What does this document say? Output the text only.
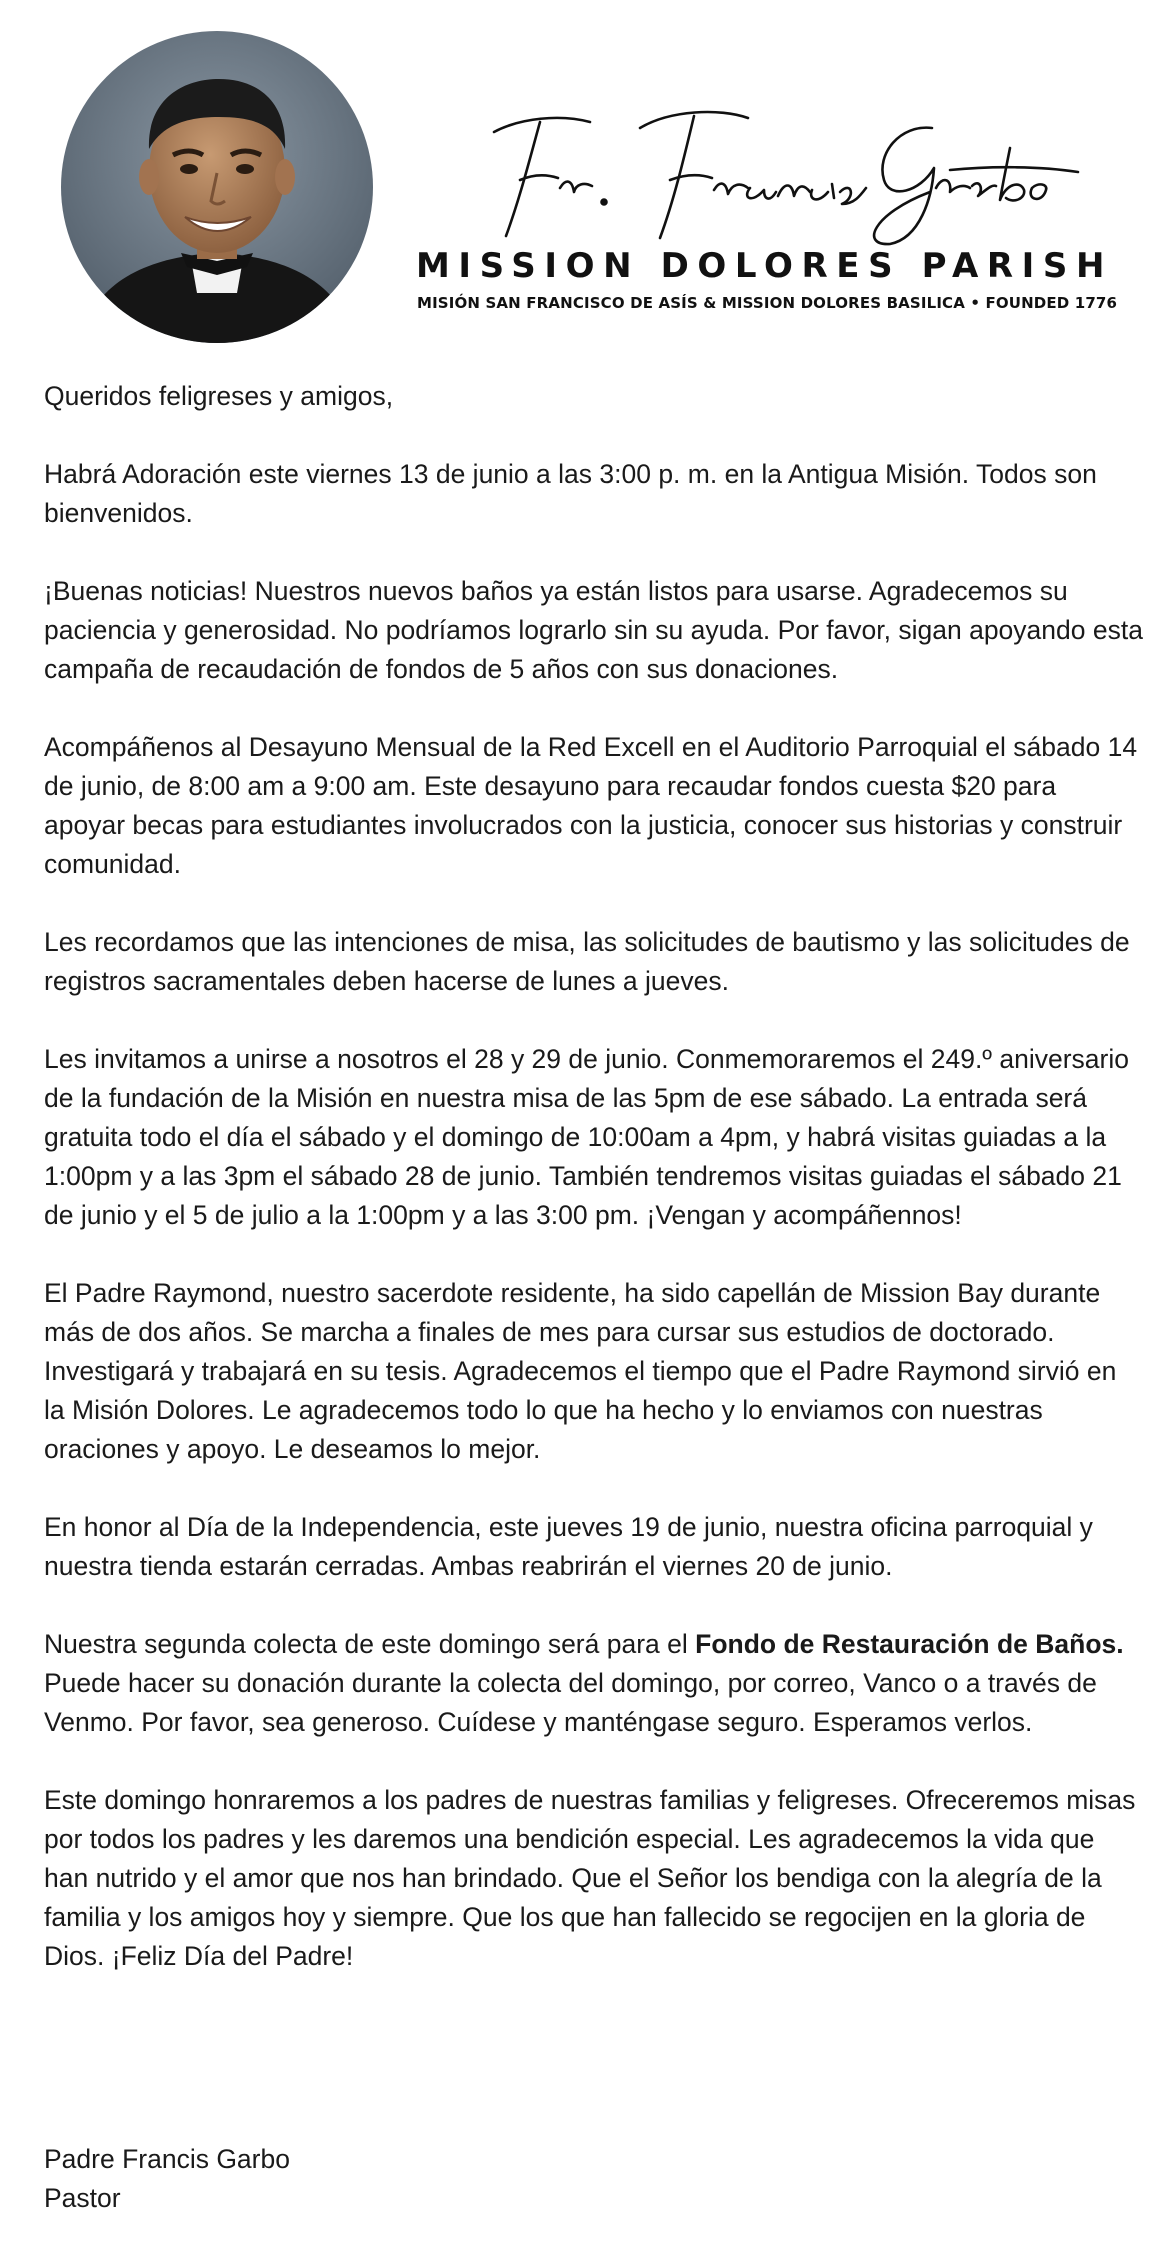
MISSION DOLORES PARISH
MISIÓN SAN FRANCISCO DE ASÍS & MISSION DOLORES BASILICA • FOUNDED 1776

Queridos feligreses y amigos,

Habrá Adoración este viernes 13 de junio a las 3:00 p. m. en la Antigua Misión. Todos son bienvenidos.

¡Buenas noticias! Nuestros nuevos baños ya están listos para usarse. Agradecemos su paciencia y generosidad. No podríamos lograrlo sin su ayuda. Por favor, sigan apoyando esta campaña de recaudación de fondos de 5 años con sus donaciones.

Acompáñenos al Desayuno Mensual de la Red Excell en el Auditorio Parroquial el sábado 14 de junio, de 8:00 am a 9:00 am. Este desayuno para recaudar fondos cuesta $20 para apoyar becas para estudiantes involucrados con la justicia, conocer sus historias y construir comunidad.

Les recordamos que las intenciones de misa, las solicitudes de bautismo y las solicitudes de registros sacramentales deben hacerse de lunes a jueves.

Les invitamos a unirse a nosotros el 28 y 29 de junio. Conmemoraremos el 249.º aniversario de la fundación de la Misión en nuestra misa de las 5pm de ese sábado. La entrada será gratuita todo el día el sábado y el domingo de 10:00am a 4pm, y habrá visitas guiadas a la 1:00pm y a las 3pm el sábado 28 de junio. También tendremos visitas guiadas el sábado 21 de junio y el 5 de julio a la 1:00pm y a las 3:00 pm. ¡Vengan y acompáñennos!

El Padre Raymond, nuestro sacerdote residente, ha sido capellán de Mission Bay durante más de dos años. Se marcha a finales de mes para cursar sus estudios de doctorado. Investigará y trabajará en su tesis. Agradecemos el tiempo que el Padre Raymond sirvió en la Misión Dolores. Le agradecemos todo lo que ha hecho y lo enviamos con nuestras oraciones y apoyo. Le deseamos lo mejor.

En honor al Día de la Independencia, este jueves 19 de junio, nuestra oficina parroquial y nuestra tienda estarán cerradas. Ambas reabrirán el viernes 20 de junio.

Nuestra segunda colecta de este domingo será para el Fondo de Restauración de Baños. Puede hacer su donación durante la colecta del domingo, por correo, Vanco o a través de Venmo. Por favor, sea generoso. Cuídese y manténgase seguro. Esperamos verlos.

Este domingo honraremos a los padres de nuestras familias y feligreses. Ofreceremos misas por todos los padres y les daremos una bendición especial. Les agradecemos la vida que han nutrido y el amor que nos han brindado. Que el Señor los bendiga con la alegría de la familia y los amigos hoy y siempre. Que los que han fallecido se regocijen en la gloria de Dios. ¡Feliz Día del Padre!

Padre Francis Garbo
Pastor
